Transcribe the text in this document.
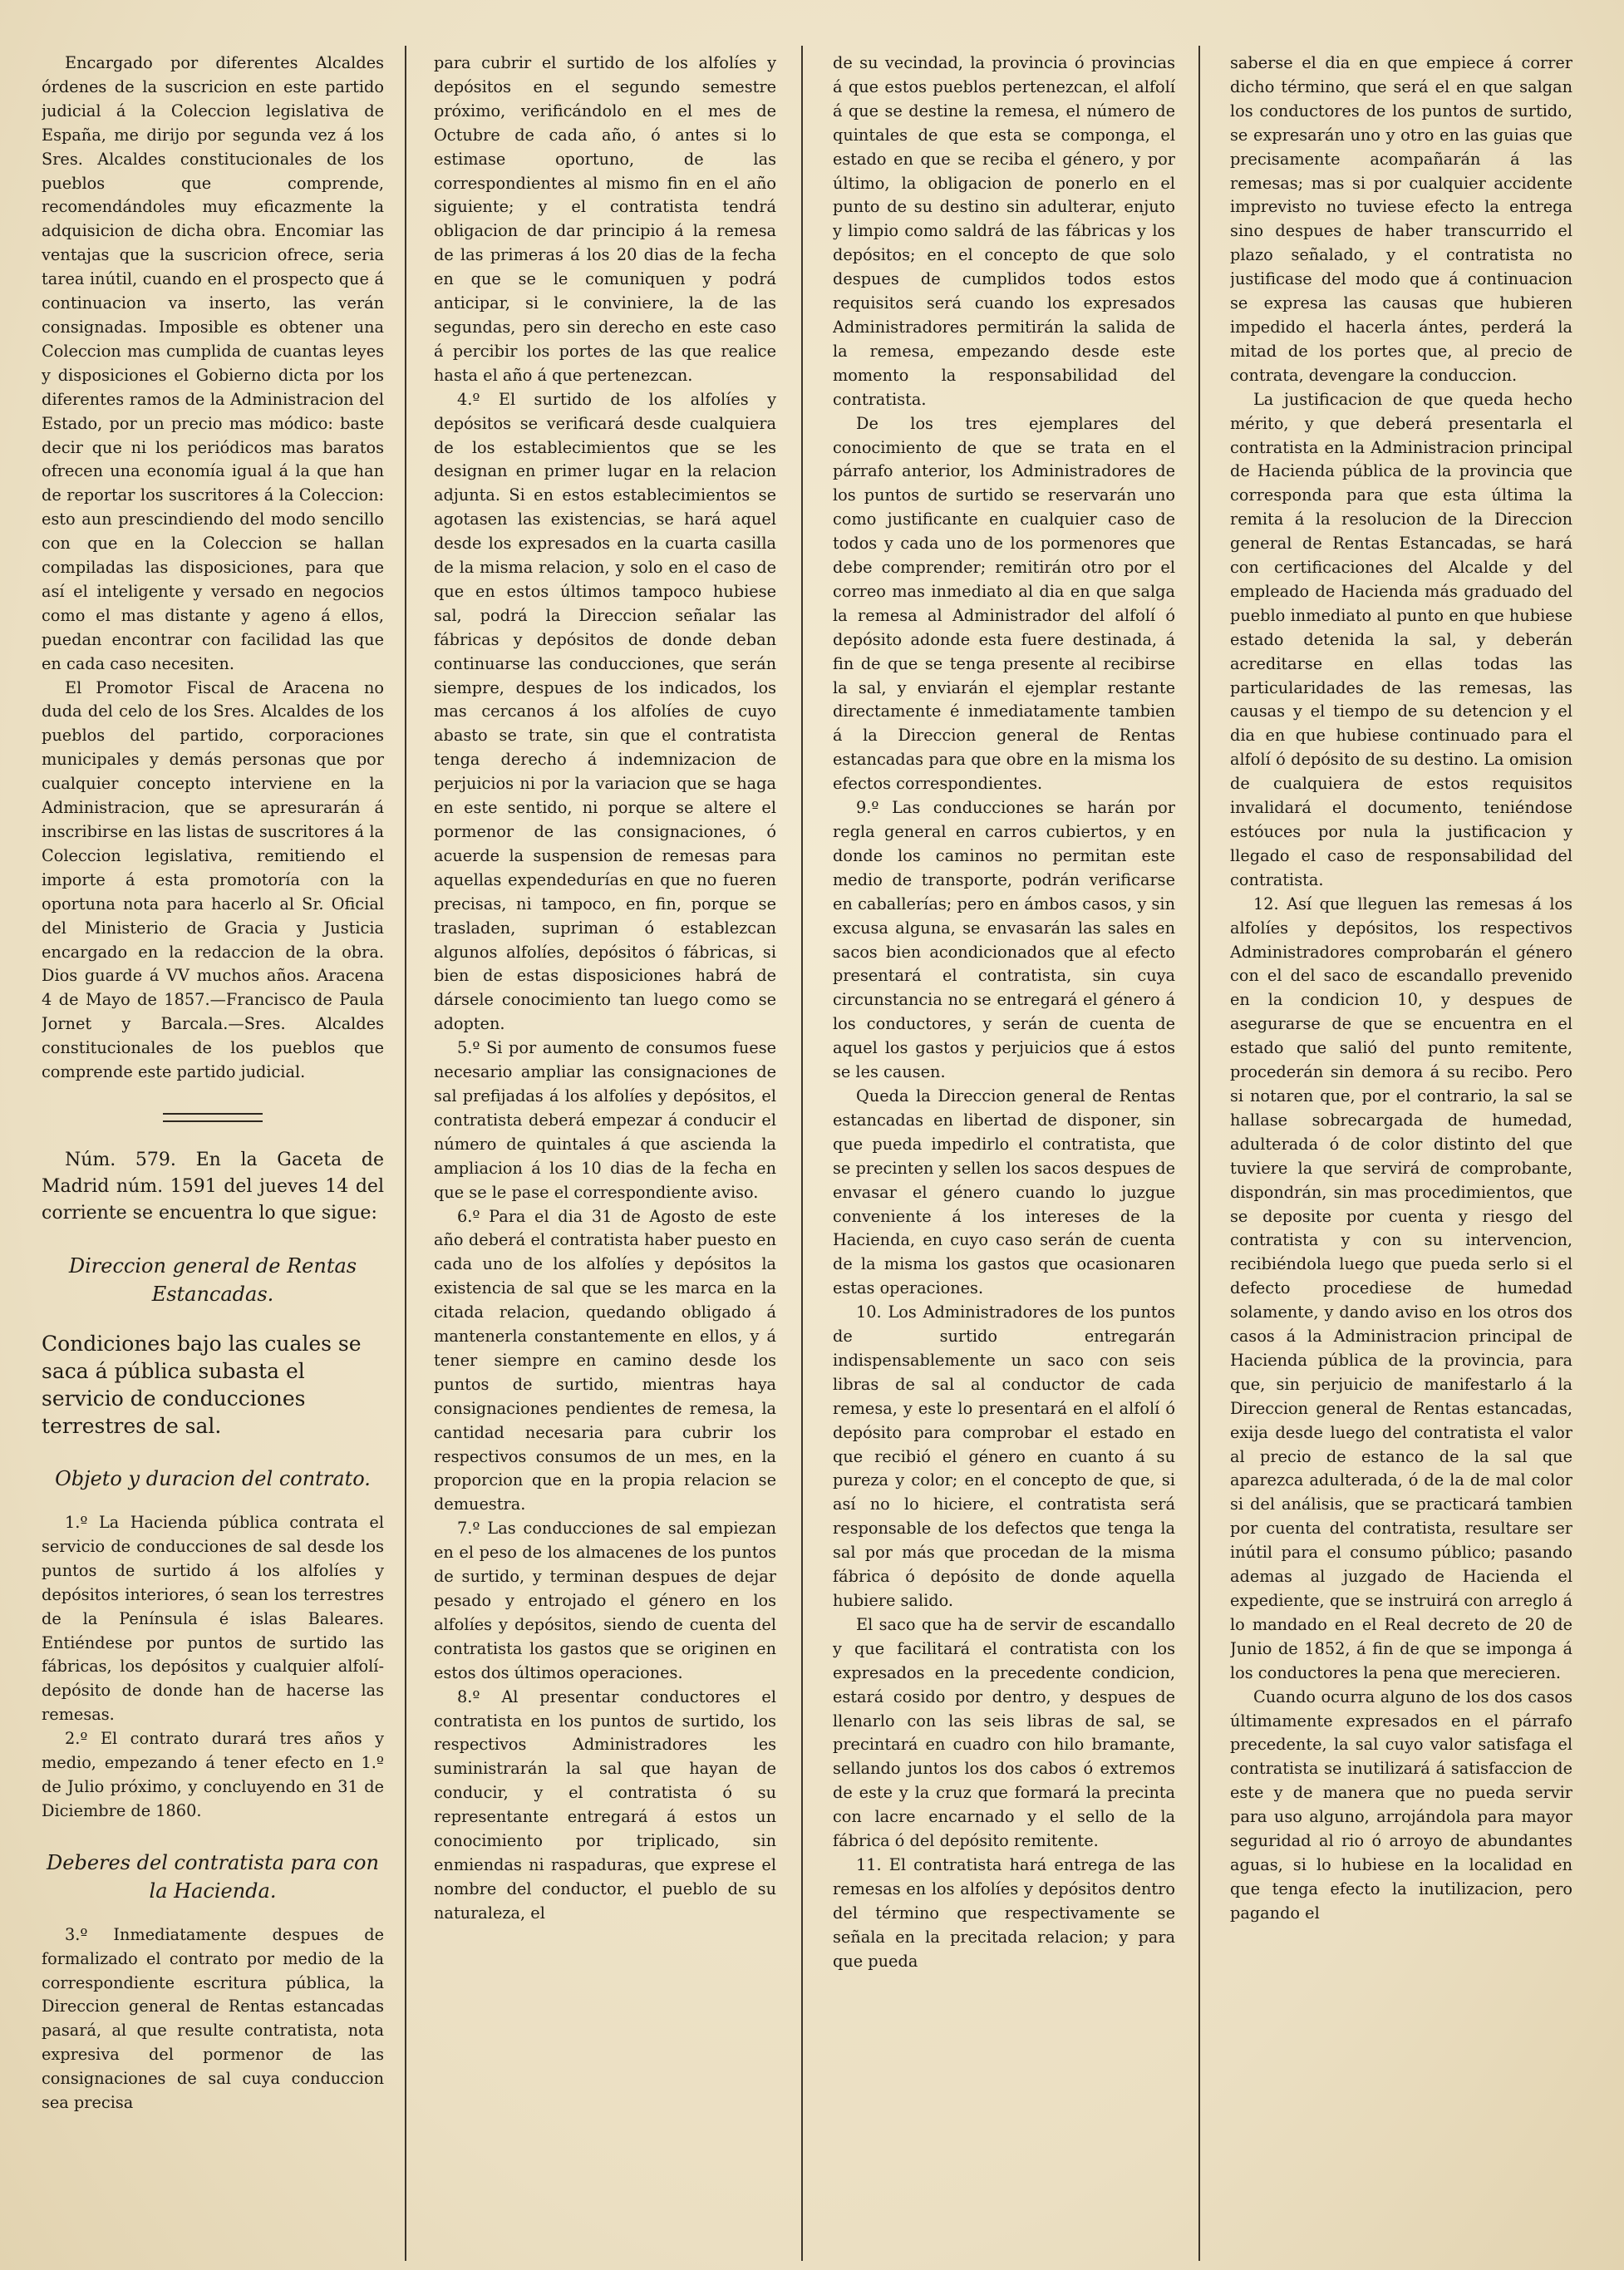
Encargado por diferentes Alcaldes órdenes de la suscricion en este partido judicial á la Coleccion legislativa de España, me dirijo por segunda vez á los Sres. Alcaldes constitucionales de los pueblos que comprende, recomendándoles muy eficazmente la adquisicion de dicha obra. Encomiar las ventajas que la suscricion ofrece, seria tarea inútil, cuando en el prospecto que á continuacion va inserto, las verán consignadas. Imposible es obtener una Coleccion mas cumplida de cuantas leyes y disposiciones el Gobierno dicta por los diferentes ramos de la Administracion del Estado, por un precio mas módico: baste decir que ni los periódicos mas baratos ofrecen una economía igual á la que han de reportar los suscritores á la Coleccion: esto aun prescindiendo del modo sencillo con que en la Coleccion se hallan compiladas las disposiciones, para que así el inteligente y versado en negocios como el mas distante y ageno á ellos, puedan encontrar con facilidad las que en cada caso necesiten.

El Promotor Fiscal de Aracena no duda del celo de los Sres. Alcaldes de los pueblos del partido, corporaciones municipales y demás personas que por cualquier concepto interviene en la Administracion, que se apresurarán á inscribirse en las listas de suscritores á la Coleccion legislativa, remitiendo el importe á esta promotoría con la oportuna nota para hacerlo al Sr. Oficial del Ministerio de Gracia y Justicia encargado en la redaccion de la obra. Dios guarde á VV muchos años. Aracena 4 de Mayo de 1857.—Francisco de Paula Jornet y Barcala.—Sres. Alcaldes constitucionales de los pueblos que comprende este partido judicial.

Núm. 579. En la Gaceta de Madrid núm. 1591 del jueves 14 del corriente se encuentra lo que sigue:

Direccion general de Rentas Estancadas.

Condiciones bajo las cuales se saca á pública subasta el servicio de conducciones terrestres de sal.

Objeto y duracion del contrato.

1.º La Hacienda pública contrata el servicio de conducciones de sal desde los puntos de surtido á los alfolíes y depósitos interiores, ó sean los terrestres de la Península é islas Baleares. Entiéndese por puntos de surtido las fábricas, los depósitos y cualquier alfolí-depósito de donde han de hacerse las remesas.

2.º El contrato durará tres años y medio, empezando á tener efecto en 1.º de Julio próximo, y concluyendo en 31 de Diciembre de 1860.

Deberes del contratista para con la Hacienda.

3.º Inmediatamente despues de formalizado el contrato por medio de la correspondiente escritura pública, la Direccion general de Rentas estancadas pasará, al que resulte contratista, nota expresiva del pormenor de las consignaciones de sal cuya conduccion sea precisa

para cubrir el surtido de los alfolíes y depósitos en el segundo semestre próximo, verificándolo en el mes de Octubre de cada año, ó antes si lo estimase oportuno, de las correspondientes al mismo fin en el año siguiente; y el contratista tendrá obligacion de dar principio á la remesa de las primeras á los 20 dias de la fecha en que se le comuniquen y podrá anticipar, si le conviniere, la de las segundas, pero sin derecho en este caso á percibir los portes de las que realice hasta el año á que pertenezcan.

4.º El surtido de los alfolíes y depósitos se verificará desde cualquiera de los establecimientos que se les designan en primer lugar en la relacion adjunta. Si en estos establecimientos se agotasen las existencias, se hará aquel desde los expresados en la cuarta casilla de la misma relacion, y solo en el caso de que en estos últimos tampoco hubiese sal, podrá la Direccion señalar las fábricas y depósitos de donde deban continuarse las conducciones, que serán siempre, despues de los indicados, los mas cercanos á los alfolíes de cuyo abasto se trate, sin que el contratista tenga derecho á indemnizacion de perjuicios ni por la variacion que se haga en este sentido, ni porque se altere el pormenor de las consignaciones, ó acuerde la suspension de remesas para aquellas expendedurías en que no fueren precisas, ni tampoco, en fin, porque se trasladen, supriman ó establezcan algunos alfolíes, depósitos ó fábricas, si bien de estas disposiciones habrá de dársele conocimiento tan luego como se adopten.

5.º Si por aumento de consumos fuese necesario ampliar las consignaciones de sal prefijadas á los alfolíes y depósitos, el contratista deberá empezar á conducir el número de quintales á que ascienda la ampliacion á los 10 dias de la fecha en que se le pase el correspondiente aviso.

6.º Para el dia 31 de Agosto de este año deberá el contratista haber puesto en cada uno de los alfolíes y depósitos la existencia de sal que se les marca en la citada relacion, quedando obligado á mantenerla constantemente en ellos, y á tener siempre en camino desde los puntos de surtido, mientras haya consignaciones pendientes de remesa, la cantidad necesaria para cubrir los respectivos consumos de un mes, en la proporcion que en la propia relacion se demuestra.

7.º Las conducciones de sal empiezan en el peso de los almacenes de los puntos de surtido, y terminan despues de dejar pesado y entrojado el género en los alfolíes y depósitos, siendo de cuenta del contratista los gastos que se originen en estos dos últimos operaciones.

8.º Al presentar conductores el contratista en los puntos de surtido, los respectivos Administradores les suministrarán la sal que hayan de conducir, y el contratista ó su representante entregará á estos un conocimiento por triplicado, sin enmiendas ni raspaduras, que exprese el nombre del conductor, el pueblo de su naturaleza, el

de su vecindad, la provincia ó provincias á que estos pueblos pertenezcan, el alfolí á que se destine la remesa, el número de quintales de que esta se componga, el estado en que se reciba el género, y por último, la obligacion de ponerlo en el punto de su destino sin adulterar, enjuto y limpio como saldrá de las fábricas y los depósitos; en el concepto de que solo despues de cumplidos todos estos requisitos será cuando los expresados Administradores permitirán la salida de la remesa, empezando desde este momento la responsabilidad del contratista.

De los tres ejemplares del conocimiento de que se trata en el párrafo anterior, los Administradores de los puntos de surtido se reservarán uno como justificante en cualquier caso de todos y cada uno de los pormenores que debe comprender; remitirán otro por el correo mas inmediato al dia en que salga la remesa al Administrador del alfolí ó depósito adonde esta fuere destinada, á fin de que se tenga presente al recibirse la sal, y enviarán el ejemplar restante directamente é inmediatamente tambien á la Direccion general de Rentas estancadas para que obre en la misma los efectos correspondientes.

9.º Las conducciones se harán por regla general en carros cubiertos, y en donde los caminos no permitan este medio de transporte, podrán verificarse en caballerías; pero en ámbos casos, y sin excusa alguna, se envasarán las sales en sacos bien acondicionados que al efecto presentará el contratista, sin cuya circunstancia no se entregará el género á los conductores, y serán de cuenta de aquel los gastos y perjuicios que á estos se les causen.

Queda la Direccion general de Rentas estancadas en libertad de disponer, sin que pueda impedirlo el contratista, que se precinten y sellen los sacos despues de envasar el género cuando lo juzgue conveniente á los intereses de la Hacienda, en cuyo caso serán de cuenta de la misma los gastos que ocasionaren estas operaciones.

10. Los Administradores de los puntos de surtido entregarán indispensablemente un saco con seis libras de sal al conductor de cada remesa, y este lo presentará en el alfolí ó depósito para comprobar el estado en que recibió el género en cuanto á su pureza y color; en el concepto de que, si así no lo hiciere, el contratista será responsable de los defectos que tenga la sal por más que procedan de la misma fábrica ó depósito de donde aquella hubiere salido.

El saco que ha de servir de escandallo y que facilitará el contratista con los expresados en la precedente condicion, estará cosido por dentro, y despues de llenarlo con las seis libras de sal, se precintará en cuadro con hilo bramante, sellando juntos los dos cabos ó extremos de este y la cruz que formará la precinta con lacre encarnado y el sello de la fábrica ó del depósito remitente.

11. El contratista hará entrega de las remesas en los alfolíes y depósitos dentro del término que respectivamente se señala en la precitada relacion; y para que pueda

saberse el dia en que empiece á correr dicho término, que será el en que salgan los conductores de los puntos de surtido, se expresarán uno y otro en las guias que precisamente acompañarán á las remesas; mas si por cualquier accidente imprevisto no tuviese efecto la entrega sino despues de haber transcurrido el plazo señalado, y el contratista no justificase del modo que á continuacion se expresa las causas que hubieren impedido el hacerla ántes, perderá la mitad de los portes que, al precio de contrata, devengare la conduccion.

La justificacion de que queda hecho mérito, y que deberá presentarla el contratista en la Administracion principal de Hacienda pública de la provincia que corresponda para que esta última la remita á la resolucion de la Direccion general de Rentas Estancadas, se hará con certificaciones del Alcalde y del empleado de Hacienda más graduado del pueblo inmediato al punto en que hubiese estado detenida la sal, y deberán acreditarse en ellas todas las particularidades de las remesas, las causas y el tiempo de su detencion y el dia en que hubiese continuado para el alfolí ó depósito de su destino. La omision de cualquiera de estos requisitos invalidará el documento, teniéndose estóuces por nula la justificacion y llegado el caso de responsabilidad del contratista.

12. Así que lleguen las remesas á los alfolíes y depósitos, los respectivos Administradores comprobarán el género con el del saco de escandallo prevenido en la condicion 10, y despues de asegurarse de que se encuentra en el estado que salió del punto remitente, procederán sin demora á su recibo. Pero si notaren que, por el contrario, la sal se hallase sobrecargada de humedad, adulterada ó de color distinto del que tuviere la que servirá de comprobante, dispondrán, sin mas procedimientos, que se deposite por cuenta y riesgo del contratista y con su intervencion, recibiéndola luego que pueda serlo si el defecto procediese de humedad solamente, y dando aviso en los otros dos casos á la Administracion principal de Hacienda pública de la provincia, para que, sin perjuicio de manifestarlo á la Direccion general de Rentas estancadas, exija desde luego del contratista el valor al precio de estanco de la sal que aparezca adulterada, ó de la de mal color si del análisis, que se practicará tambien por cuenta del contratista, resultare ser inútil para el consumo público; pasando ademas al juzgado de Hacienda el expediente, que se instruirá con arreglo á lo mandado en el Real decreto de 20 de Junio de 1852, á fin de que se imponga á los conductores la pena que merecieren.

Cuando ocurra alguno de los dos casos últimamente expresados en el párrafo precedente, la sal cuyo valor satisfaga el contratista se inutilizará á satisfaccion de este y de manera que no pueda servir para uso alguno, arrojándola para mayor seguridad al rio ó arroyo de abundantes aguas, si lo hubiese en la localidad en que tenga efecto la inutilizacion, pero pagando el
